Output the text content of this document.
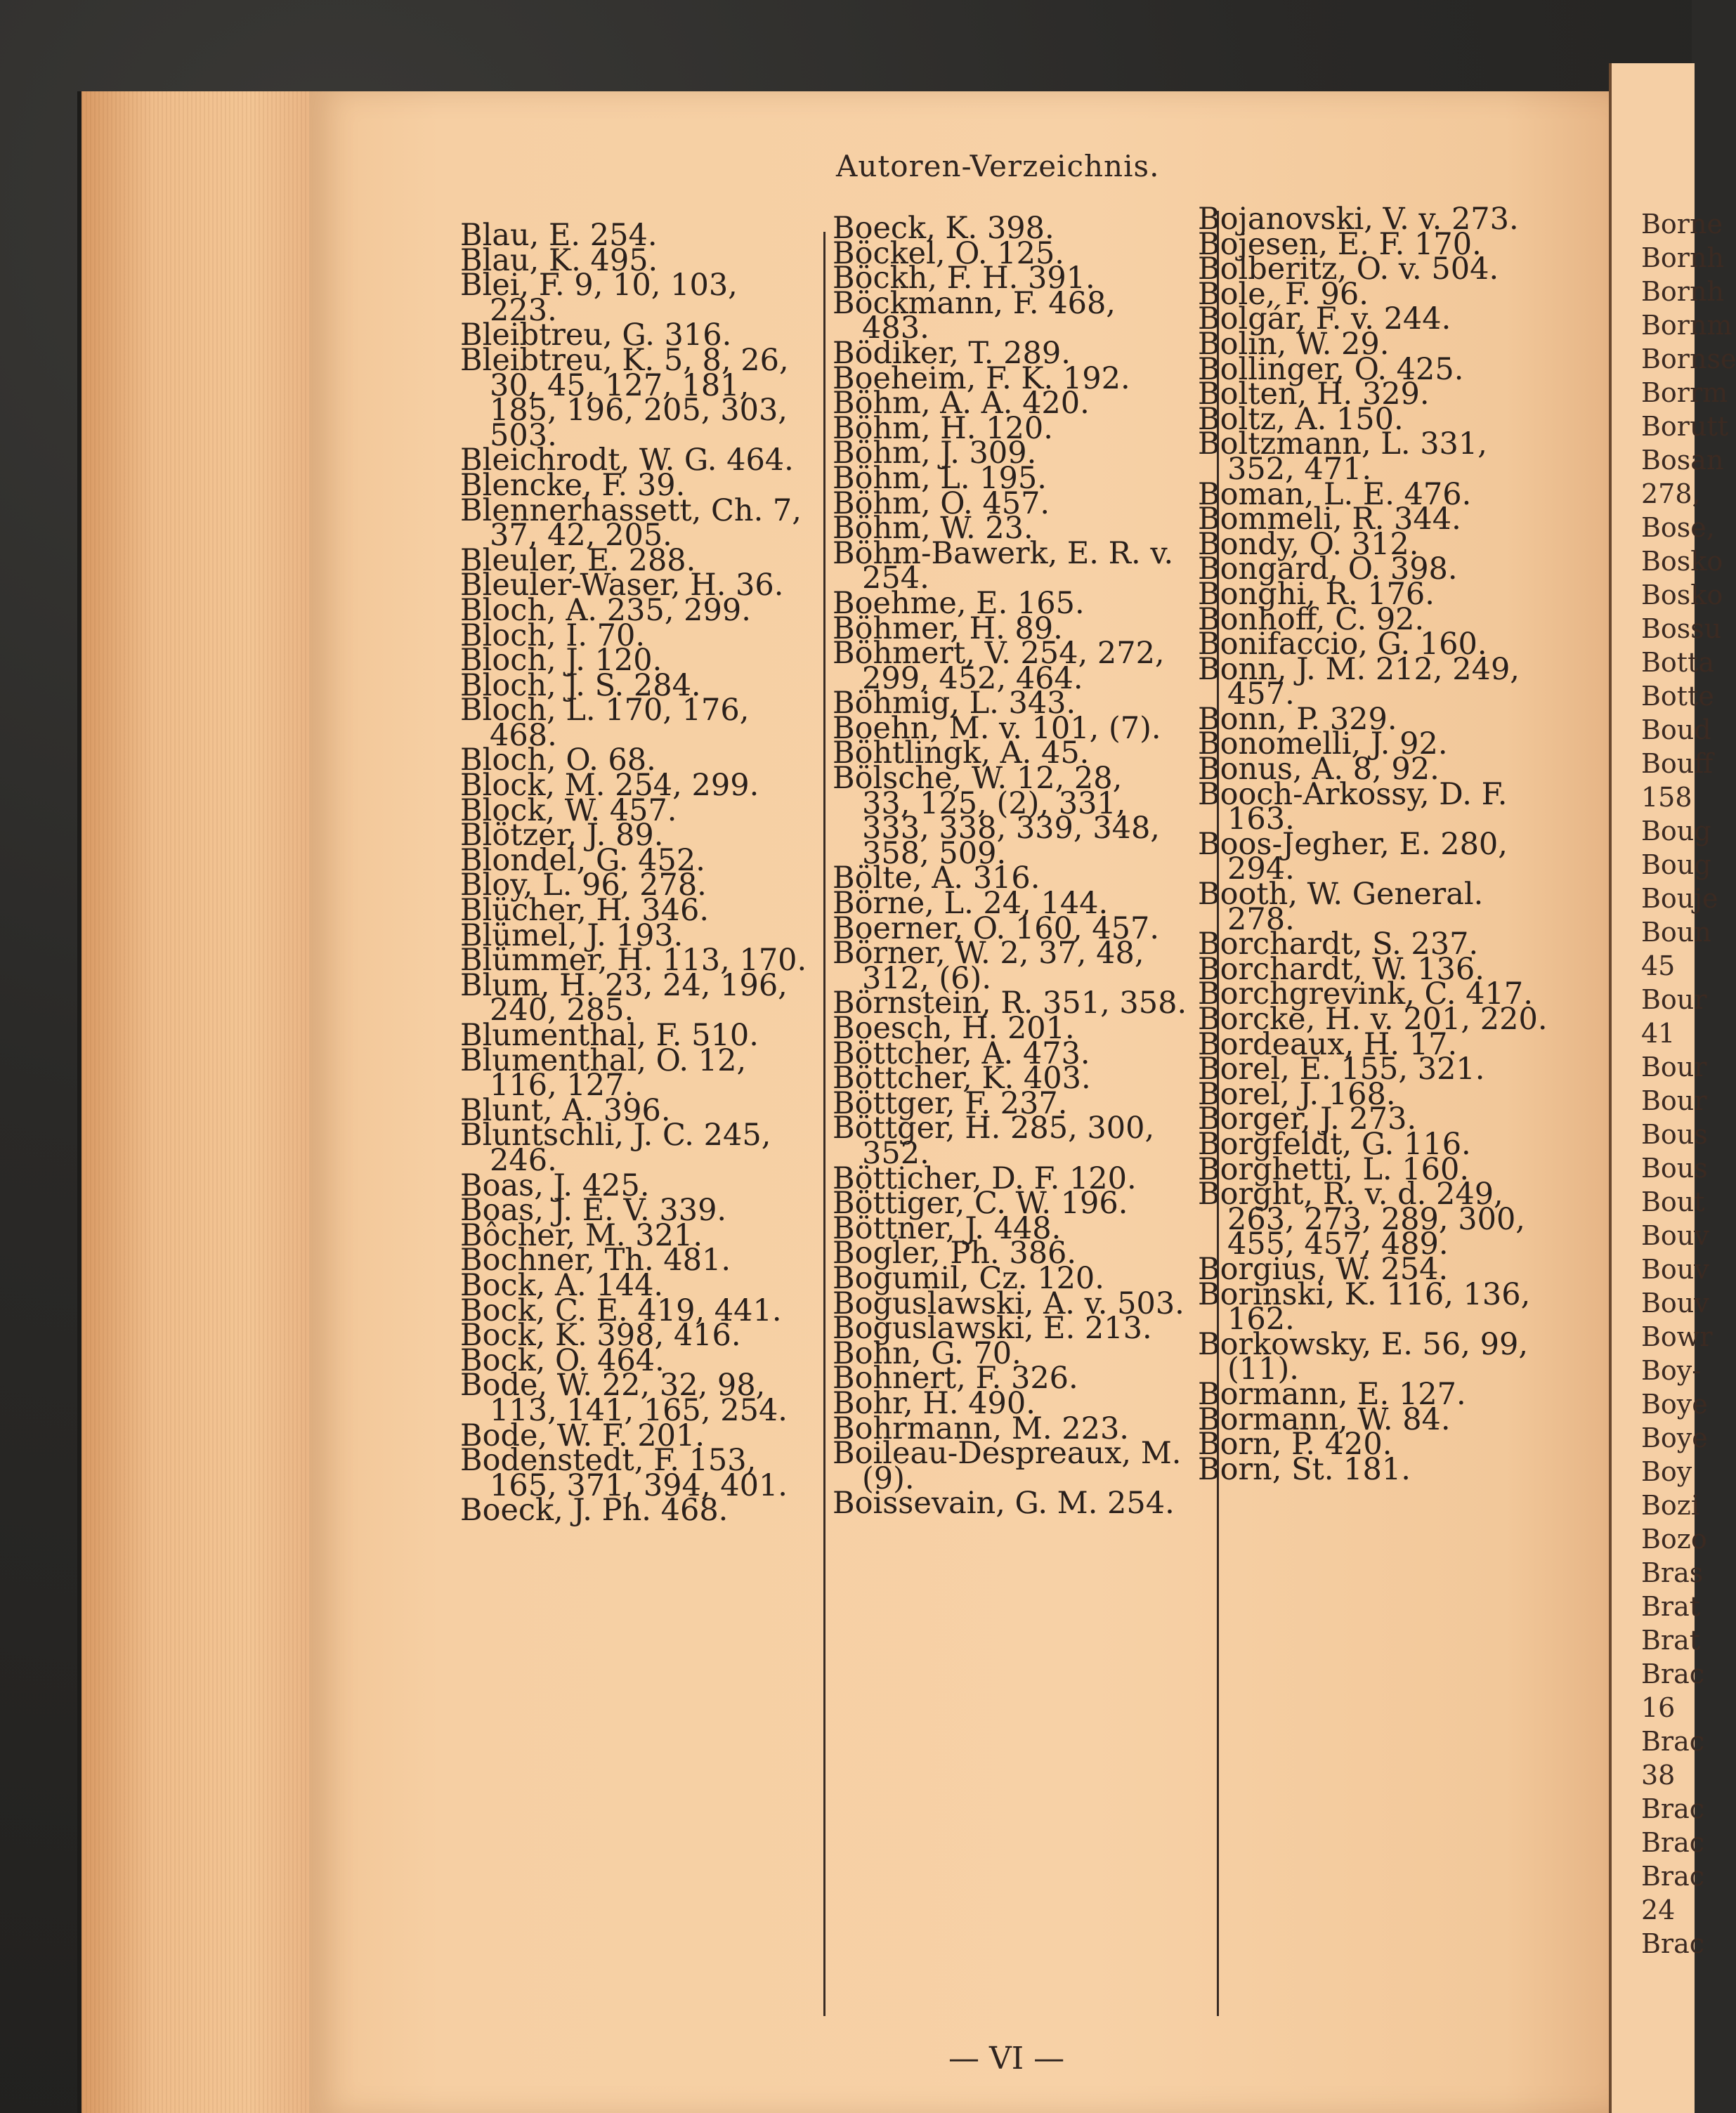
Autoren-Verzeichnis.
Blau, E. 254.
Blau, K. 495.
Blei, F. 9, 10, 103,
223.
Bleibtreu, G. 316.
Bleibtreu, K. 5, 8, 26,
30, 45, 127, 181,
185, 196, 205, 303,
503.
Bleichrodt, W. G. 464.
Blencke, F. 39.
Blennerhassett, Ch. 7,
37, 42, 205.
Bleuler, E. 288.
Bleuler-Waser, H. 36.
Bloch, A. 235, 299.
Bloch, I. 70.
Bloch, J. 120.
Bloch, J. S. 284.
Bloch, L. 170, 176,
468.
Bloch, O. 68.
Block, M. 254, 299.
Block, W. 457.
Blötzer, J. 89.
Blondel, G. 452.
Bloy, L. 96, 278.
Blücher, H. 346.
Blümel, J. 193.
Blümmer, H. 113, 170.
Blum, H. 23, 24, 196,
240, 285.
Blumenthal, F. 510.
Blumenthal, O. 12,
116, 127.
Blunt, A. 396.
Bluntschli, J. C. 245,
246.
Boas, J. 425.
Boas, J. E. V. 339.
Bôcher, M. 321.
Bochner, Th. 481.
Bock, A. 144.
Bock, C. E. 419, 441.
Bock, K. 398, 416.
Bock, O. 464.
Bode, W. 22, 32, 98,
113, 141, 165, 254.
Bode, W. F. 201.
Bodenstedt, F. 153,
165, 371, 394, 401.
Boeck, J. Ph. 468.
Boeck, K. 398.
Böckel, O. 125.
Böckh, F. H. 391.
Böckmann, F. 468,
483.
Bödiker, T. 289.
Boeheim, F. K. 192.
Böhm, A. A. 420.
Böhm, H. 120.
Böhm, J. 309.
Böhm, L. 195.
Böhm, O. 457.
Böhm, W. 23.
Böhm-Bawerk, E. R. v.
254.
Boehme, E. 165.
Böhmer, H. 89.
Böhmert, V. 254, 272,
299, 452, 464.
Böhmig, L. 343.
Boehn, M. v. 101, (7).
Böhtlingk, A. 45.
Bölsche, W. 12, 28,
33, 125, (2), 331,
333, 338, 339, 348,
358, 509.
Bölte, A. 316.
Börne, L. 24, 144.
Boerner, O. 160, 457.
Börner, W. 2, 37, 48,
312, (6).
Börnstein, R. 351, 358.
Boesch, H. 201.
Böttcher, A. 473.
Böttcher, K. 403.
Böttger, F. 237.
Böttger, H. 285, 300,
352.
Bötticher, D. F. 120.
Böttiger, C. W. 196.
Böttner, J. 448.
Bogler, Ph. 386.
Bogumil, Cz. 120.
Boguslawski, A. v. 503.
Boguslawski, E. 213.
Bohn, G. 70.
Bohnert, F. 326.
Bohr, H. 490.
Bohrmann, M. 223.
Boileau-Despreaux, M.
(9).
Boissevain, G. M. 254.
Bojanovski, V. v. 273.
Bojesen, E. F. 170.
Bolberitz, O. v. 504.
Bole, F. 96.
Bolgár, F. v. 244.
Bolin, W. 29.
Bollinger, O. 425.
Bolten, H. 329.
Boltz, A. 150.
Boltzmann, L. 331,
352, 471.
Boman, L. E. 476.
Bommeli, R. 344.
Bondy, O. 312.
Bongard, O. 398.
Bonghi, R. 176.
Bonhoff, C. 92.
Bonifaccio, G. 160.
Bonn, J. M. 212, 249,
457.
Bonn, P. 329.
Bonomelli, J. 92.
Bonus, A. 8, 92.
Booch-Arkossy, D. F.
163.
Boos-Jegher, E. 280,
294.
Booth, W. General.
278.
Borchardt, S. 237.
Borchardt, W. 136.
Borchgrevink, C. 417.
Borcke, H. v. 201, 220.
Bordeaux, H. 17.
Borel, E. 155, 321.
Borel, J. 168.
Borger, J. 273.
Borgfeldt, G. 116.
Borghetti, L. 160.
Borght, R. v. d. 249,
263, 273, 289, 300,
455, 457, 489.
Borgius, W. 254.
Borinski, K. 116, 136,
162.
Borkowsky, E. 56, 99,
(11).
Bormann, E. 127.
Bormann, W. 84.
Born, P. 420.
Born, St. 181.
— VI —
Borne
Bornh
Bornh
Bornm
Bornse
Borrm
Borutt
Bosan
278,
Bose,
Bosko
Bosko
Bossu
Botta
Botte
Boud
Bouff
158
Boug
Boug
Bouje
Boun
45
Bour
41
Bour
Bour
Bous
Bous
Bout
Bouv
Bouv
Bouv
Bowr
Boy-
Boye
Boye
Boy
Bozi
Bozo
Bras
Brat
Brat
Brac
16
Brac
38
Brac
Brac
Brac
24
Brac
